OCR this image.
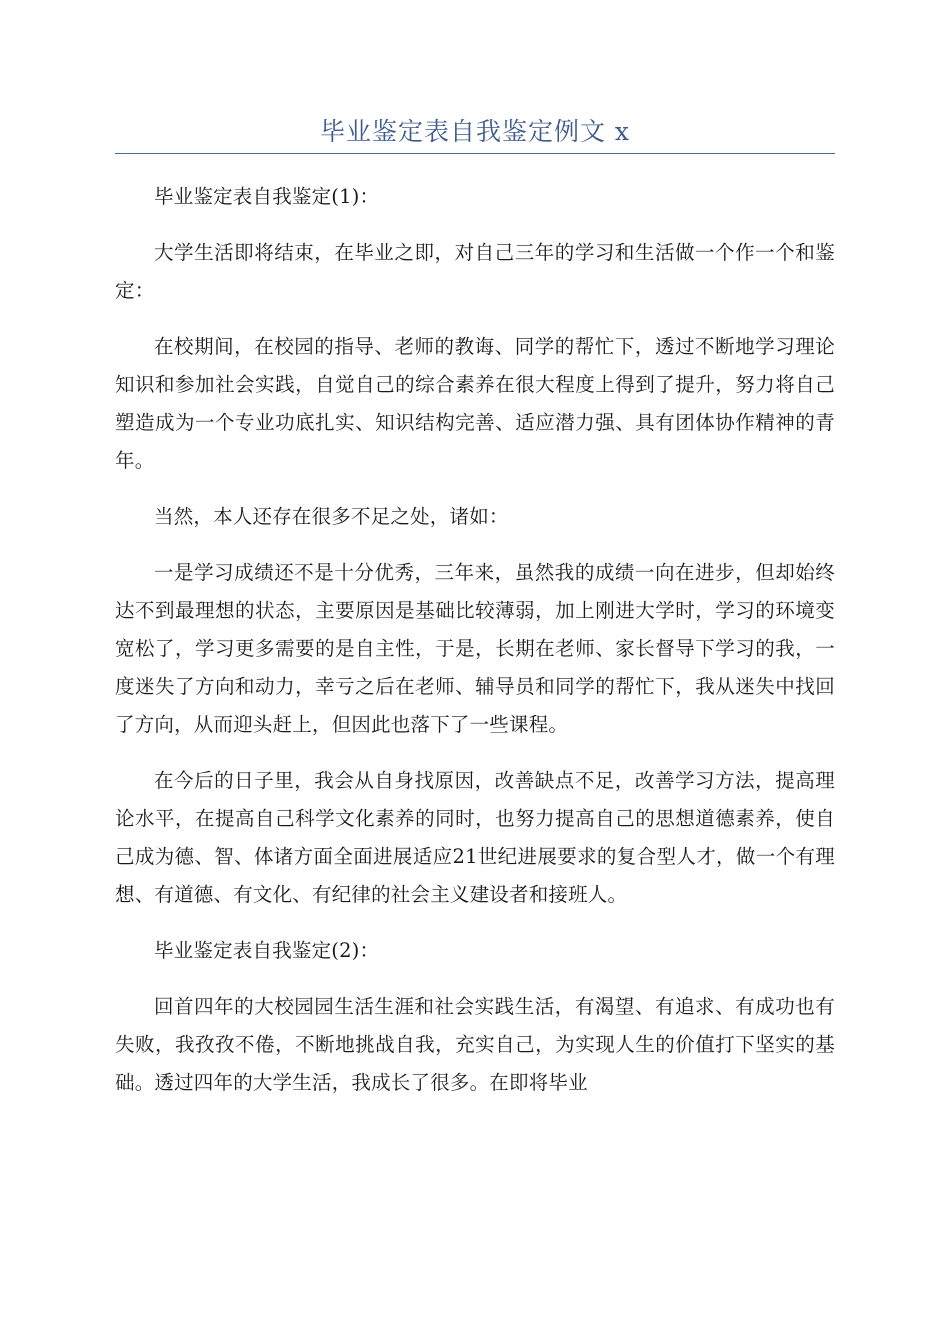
毕业鉴定表自我鉴定例文 x

毕业鉴定表自我鉴定(1)：

大学生活即将结束，在毕业之即，对自己三年的学习和生活做一个作一个和鉴定：

在校期间，在校园的指导、老师的教诲、同学的帮忙下，透过不断地学习理论知识和参加社会实践，自觉自己的综合素养在很大程度上得到了提升，努力将自己塑造成为一个专业功底扎实、知识结构完善、适应潜力强、具有团体协作精神的青年。

当然，本人还存在很多不足之处，诸如：

一是学习成绩还不是十分优秀，三年来，虽然我的成绩一向在进步，但却始终达不到最理想的状态，主要原因是基础比较薄弱，加上刚进大学时，学习的环境变宽松了，学习更多需要的是自主性，于是，长期在老师、家长督导下学习的我，一度迷失了方向和动力，幸亏之后在老师、辅导员和同学的帮忙下，我从迷失中找回了方向，从而迎头赶上，但因此也落下了一些课程。

在今后的日子里，我会从自身找原因，改善缺点不足，改善学习方法，提高理论水平，在提高自己科学文化素养的同时，也努力提高自己的思想道德素养，使自己成为德、智、体诸方面全面进展适应21世纪进展要求的复合型人才，做一个有理想、有道德、有文化、有纪律的社会主义建设者和接班人。

毕业鉴定表自我鉴定(2)：

回首四年的大校园园生活生涯和社会实践生活，有渴望、有追求、有成功也有失败，我孜孜不倦，不断地挑战自我，充实自己，为实现人生的价值打下坚实的基础。透过四年的大学生活，我成长了很多。在即将毕业
